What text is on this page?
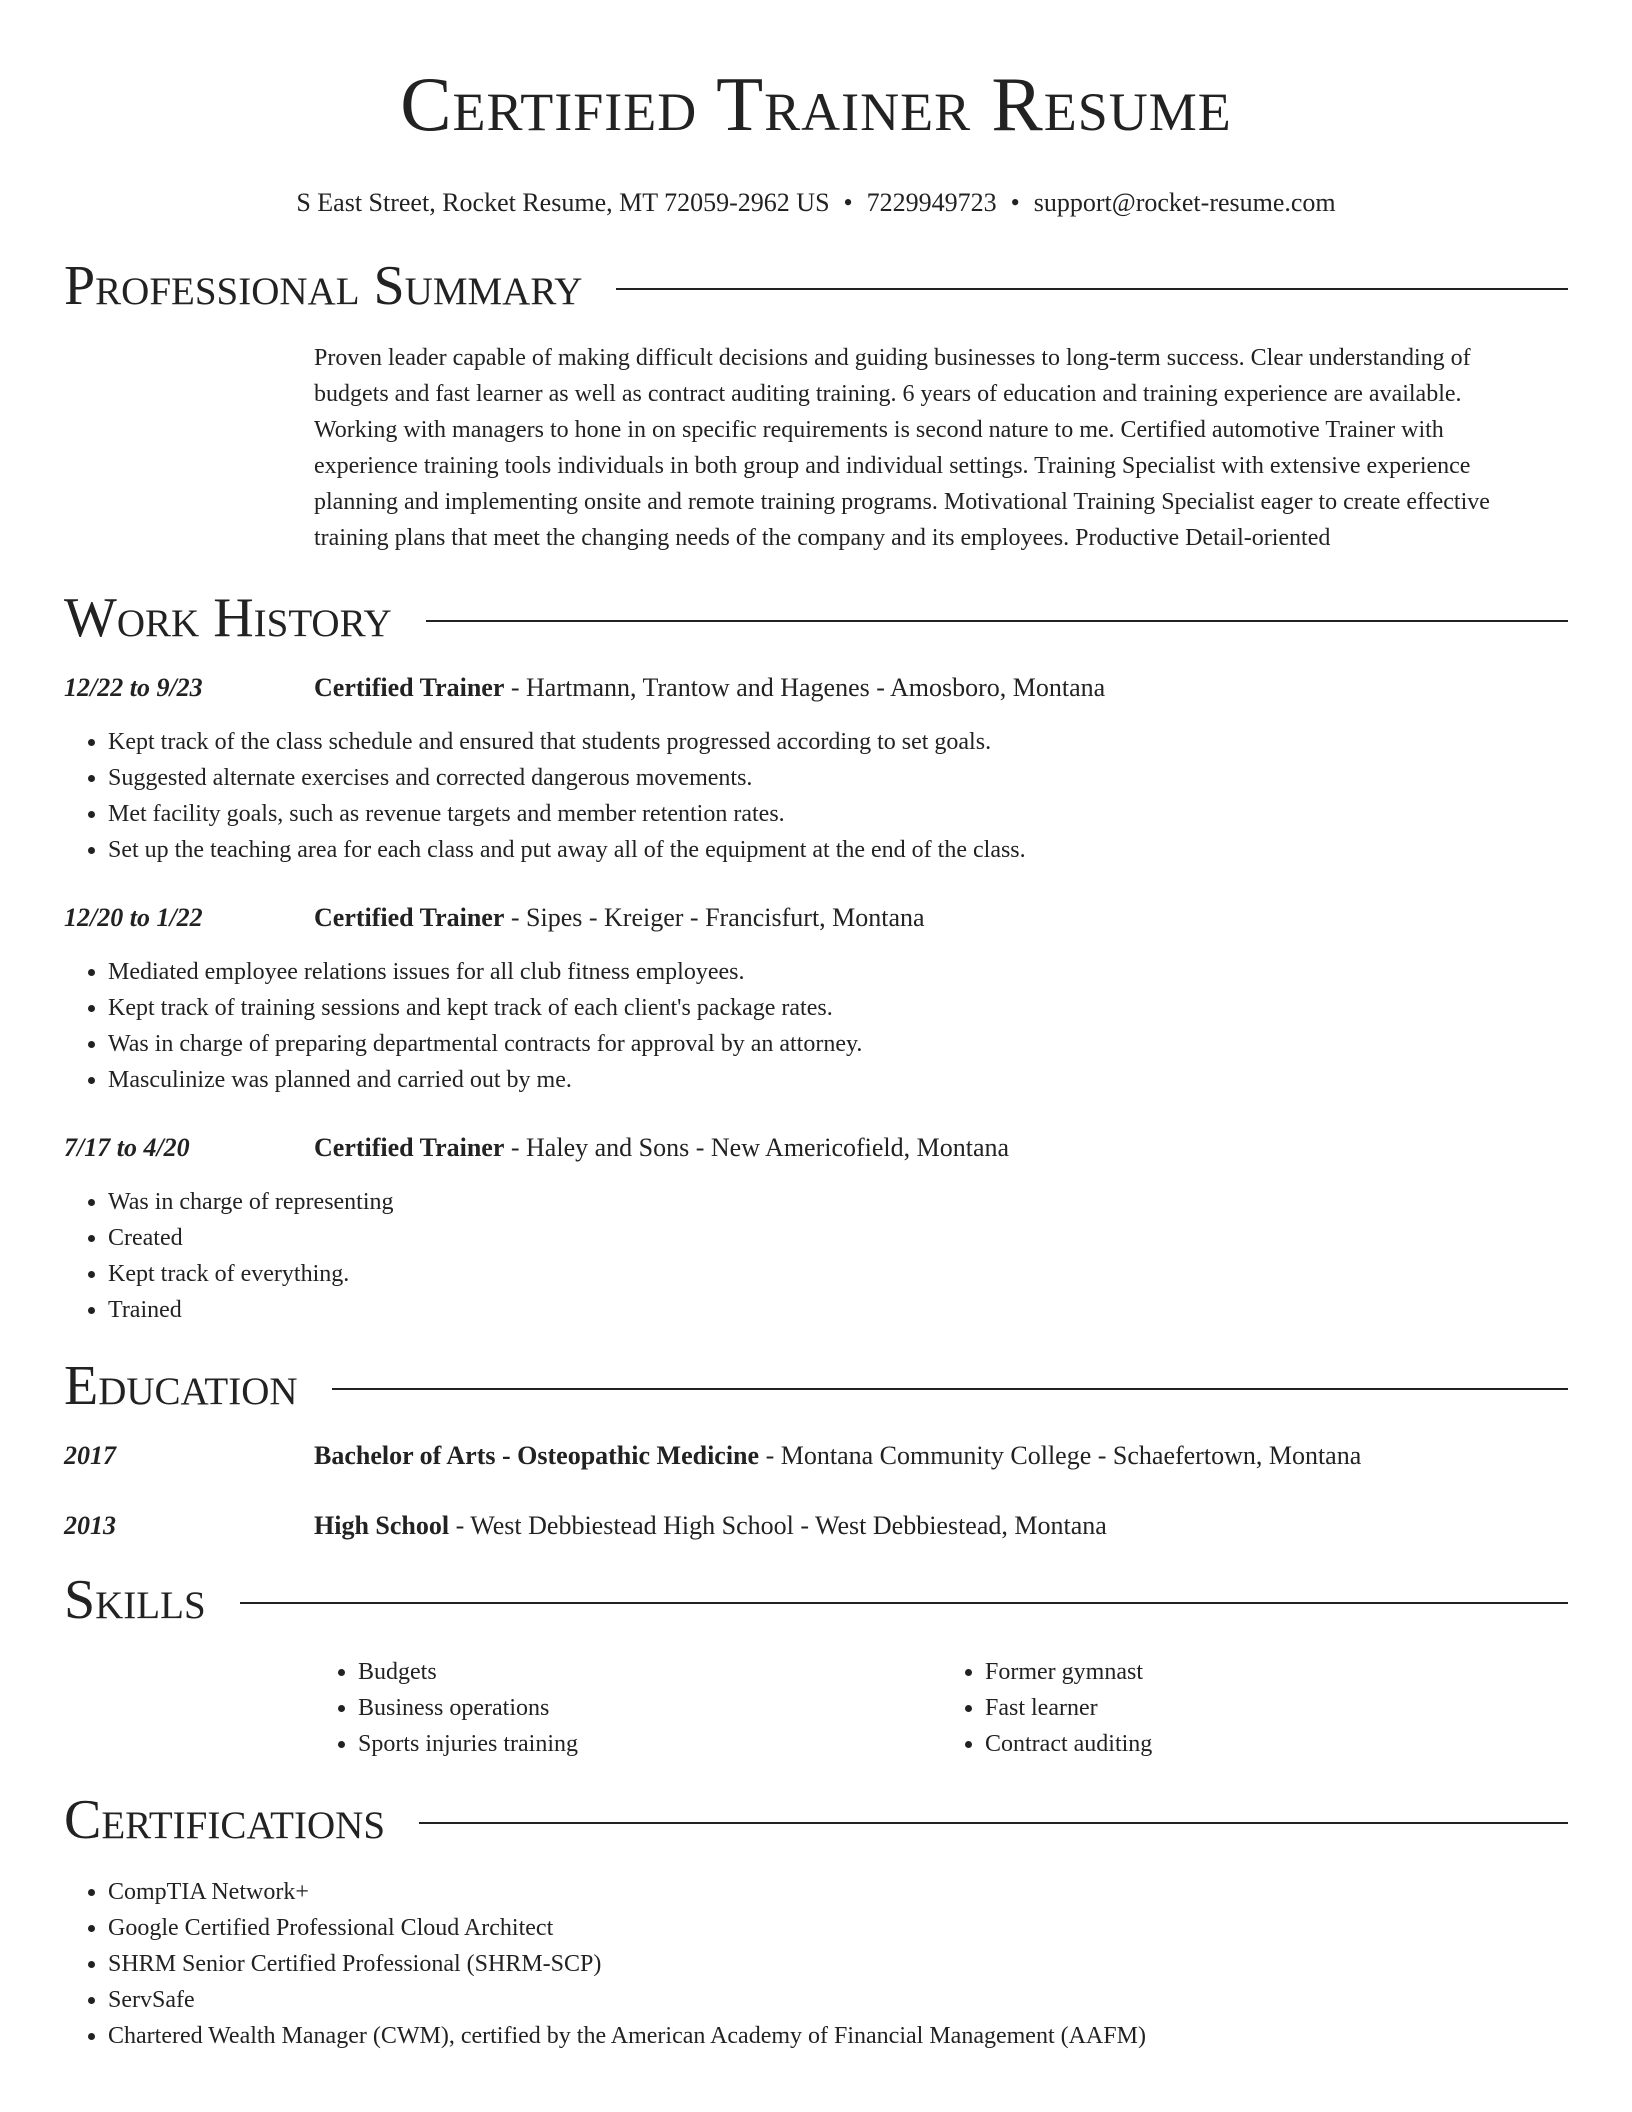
Certified Trainer Resume
S East Street, Rocket Resume, MT 72059-2962 US • 7229949723 • support@rocket-resume.com
Professional Summary
Proven leader capable of making difficult decisions and guiding businesses to long-term success. Clear understanding of budgets and fast learner as well as contract auditing training. 6 years of education and training experience are available. Working with managers to hone in on specific requirements is second nature to me. Certified automotive Trainer with experience training tools individuals in both group and individual settings. Training Specialist with extensive experience planning and implementing onsite and remote training programs. Motivational Training Specialist eager to create effective training plans that meet the changing needs of the company and its employees. Productive Detail-oriented
Work History
12/22 to 9/23	Certified Trainer - Hartmann, Trantow and Hagenes - Amosboro, Montana
• Kept track of the class schedule and ensured that students progressed according to set goals.
• Suggested alternate exercises and corrected dangerous movements.
• Met facility goals, such as revenue targets and member retention rates.
• Set up the teaching area for each class and put away all of the equipment at the end of the class.
12/20 to 1/22	Certified Trainer - Sipes - Kreiger - Francisfurt, Montana
• Mediated employee relations issues for all club fitness employees.
• Kept track of training sessions and kept track of each client's package rates.
• Was in charge of preparing departmental contracts for approval by an attorney.
• Masculinize was planned and carried out by me.
7/17 to 4/20	Certified Trainer - Haley and Sons - New Americofield, Montana
• Was in charge of representing
• Created
• Kept track of everything.
• Trained
Education
2017	Bachelor of Arts - Osteopathic Medicine - Montana Community College - Schaefertown, Montana
2013	High School - West Debbiestead High School - West Debbiestead, Montana
Skills
• Budgets
• Business operations
• Sports injuries training
• Former gymnast
• Fast learner
• Contract auditing
Certifications
• CompTIA Network+
• Google Certified Professional Cloud Architect
• SHRM Senior Certified Professional (SHRM-SCP)
• ServSafe
• Chartered Wealth Manager (CWM), certified by the American Academy of Financial Management (AAFM)
